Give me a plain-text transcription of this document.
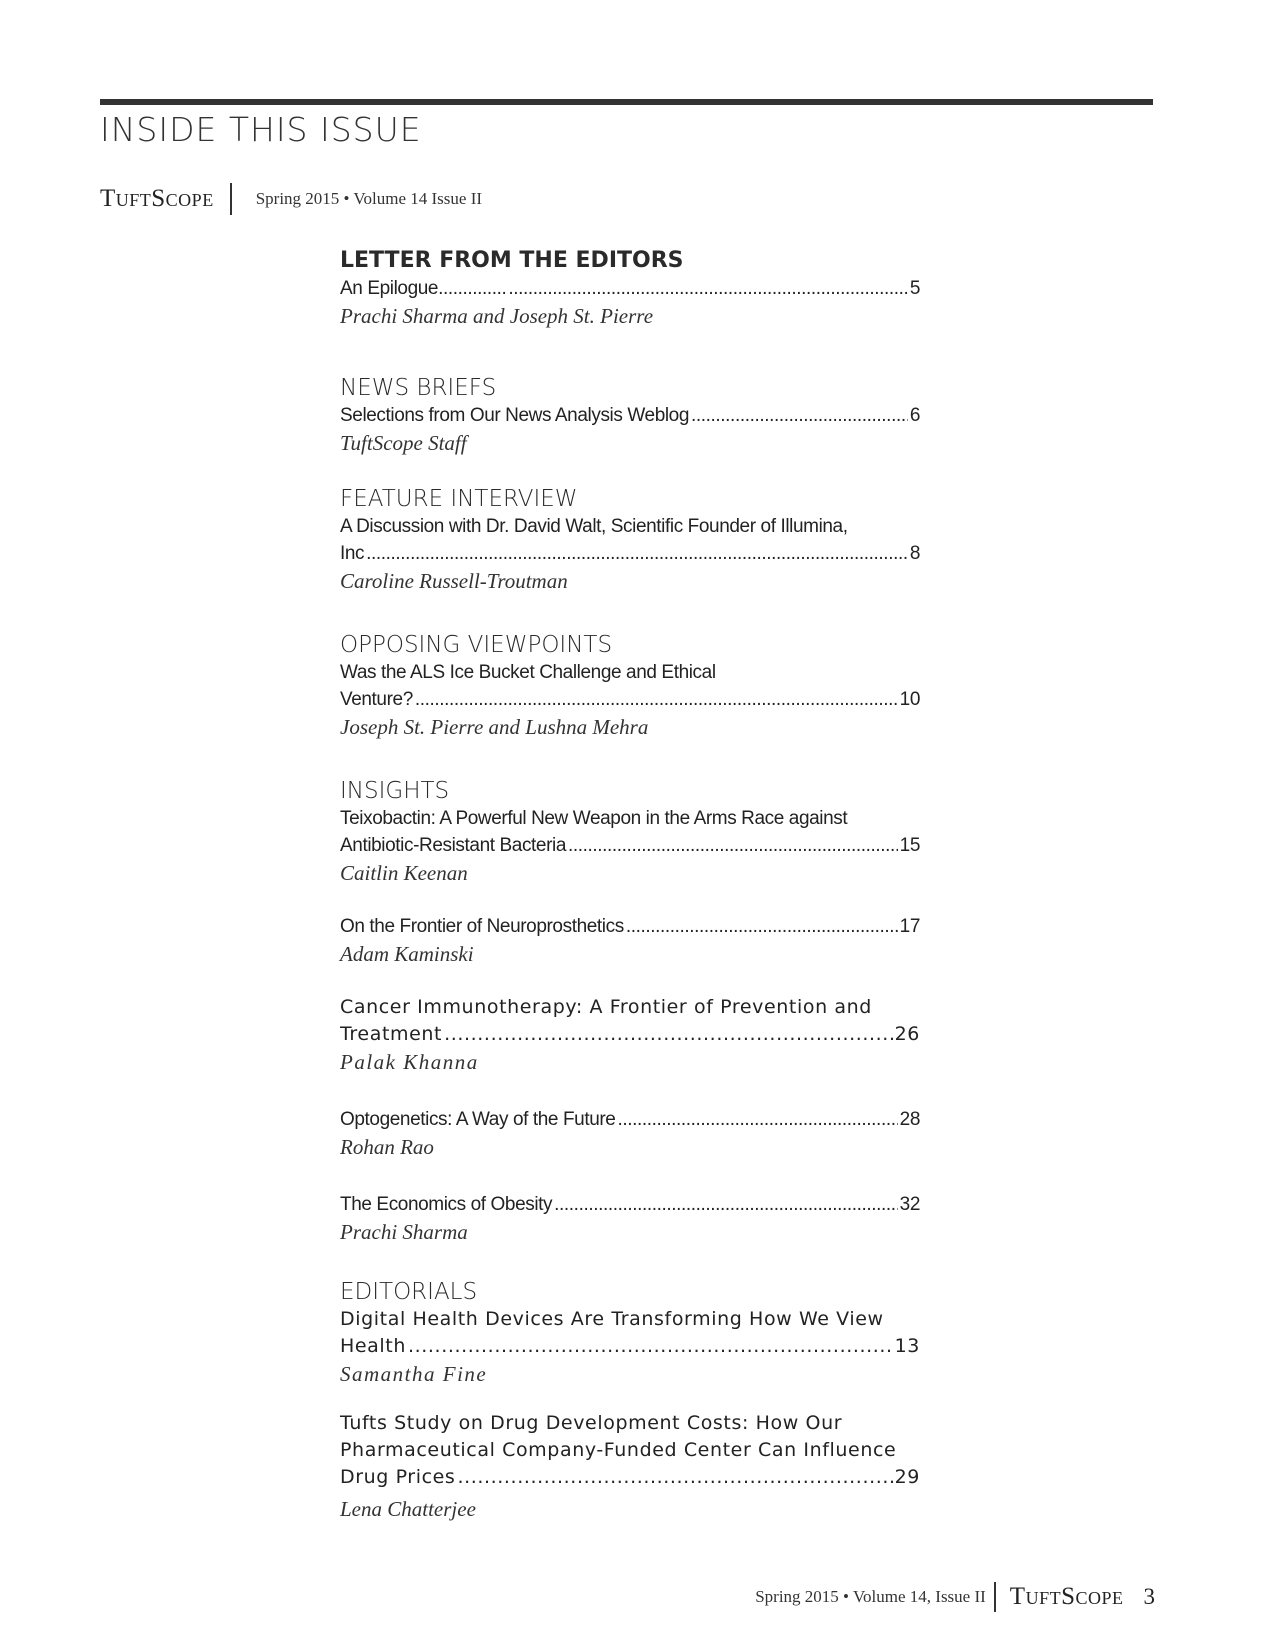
INSIDE THIS ISSUE
TuftScope Spring 2015 • Volume 14 Issue II
LETTER FROM THE EDITORS
An Epilogue.............. .....	5

Prachi Sharma and Joseph St. Pierre

NEWS BRIEFS
Selections from Our News Analysis Weblog .....	6

TuftScope Staff

FEATURE INTERVIEW
A Discussion with Dr. David Walt, Scientific Founder of Illumina,
Inc .....	8

Caroline Russell-Troutman

OPPOSING VIEWPOINTS
Was the ALS Ice Bucket Challenge and Ethical
Venture? .....	10

Joseph St. Pierre and Lushna Mehra

INSIGHTS
Teixobactin: A Powerful New Weapon in the Arms Race against
Antibiotic-Resistant Bacteria .....	15

Caitlin Keenan

On the Frontier of Neuroprosthetics .....	17

Adam Kaminski

Cancer Immunotherapy: A Frontier of Prevention and
Treatment .....	26

Palak Khanna

Optogenetics: A Way of the Future .....	28

Rohan Rao

The Economics of Obesity .....	32

Prachi Sharma

EDITORIALS
Digital Health Devices Are Transforming How We View
Health .....	13

Samantha Fine

Tufts Study on Drug Development Costs: How Our
Pharmaceutical Company-Funded Center Can Influence
Drug Prices .....	29

Lena Chatterjee

Spring 2015 • Volume 14, Issue II TuftScope 3
